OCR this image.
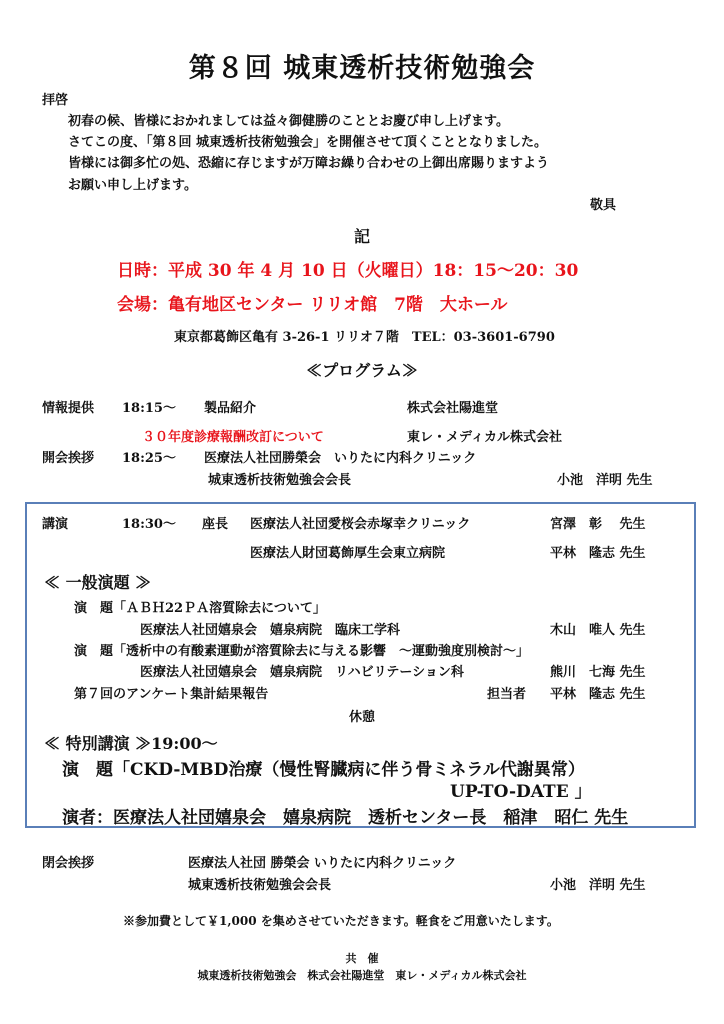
第８回 城東透析技術勉強会
拝啓
初春の候、皆様におかれましては益々御健勝のこととお慶び申し上げます。
さてこの度、「第８回 城東透析技術勉強会」を開催させて頂くこととなりました。
皆様には御多忙の処、恐縮に存じますが万障お繰り合わせの上御出席賜りますよう
お願い申し上げます。
敬具
記
日時：平成 30 年 4 月 10 日（火曜日）18：15～20：30
会場：亀有地区センター リリオ館　7階　大ホール
東京都葛飾区亀有 3-26-1 リリオ７階　TEL：03-3601-6790
≪プログラム≫
情報提供 18:15～ 製品紹介	株式会社陽進堂
３０年度診療報酬改訂について	東レ・メディカル株式会社
開会挨拶 18:25～ 医療法人社団勝榮会　いりたに内科クリニック
城東透析技術勉強会会長	小池　洋明 先生
講演	18:30～ 座長 医療法人社団愛桜会赤塚幸クリニック	宮澤　彰　 先生
医療法人財団葛飾厚生会東立病院	平林　隆志 先生
≪ 一般演題 ≫
演　題「ＡＢＨ22ＰＡ溶質除去について」
医療法人社団嬉泉会　嬉泉病院　臨床工学科	木山　唯人 先生
演　題「透析中の有酸素運動が溶質除去に与える影響　～運動強度別検討～」
医療法人社団嬉泉会　嬉泉病院　リハビリテーション科	熊川　七海 先生
第７回のアンケート集計結果報告	担当者 平林　隆志 先生
休憩
≪ 特別講演 ≫19:00～
演　題「CKD-MBD治療（慢性腎臓病に伴う骨ミネラル代謝異常）
UP-TO-DATE 」
演者：医療法人社団嬉泉会　嬉泉病院　透析センター長　稲津　昭仁 先生
閉会挨拶	医療法人社団 勝榮会 いりたに内科クリニック
城東透析技術勉強会会長	小池　洋明 先生
※参加費として￥1,000 を集めさせていただきます。軽食をご用意いたします。
共　催
城東透析技術勉強会　株式会社陽進堂　東レ・メディカル株式会社
